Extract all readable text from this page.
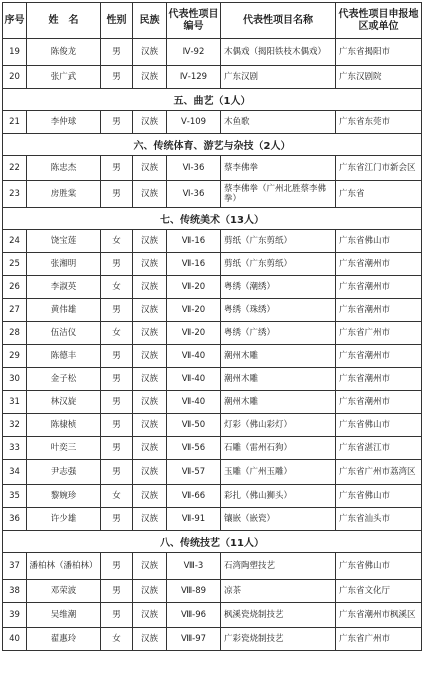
序号	姓　名	性别	民族	代表性项目编号	代表性项目名称	代表性项目申报地区或单位
19	陈俊龙	男	汉族	Ⅳ-92	木偶戏（揭阳铁枝木偶戏）	广东省揭阳市
20	张广武	男	汉族	Ⅳ-129	广东汉剧	广东汉剧院
五、曲艺（1人）						
21	李仲球	男	汉族	Ⅴ-109	木鱼歌	广东省东莞市
六、传统体育、游艺与杂技（2人）						
22	陈忠杰	男	汉族	Ⅵ-36	蔡李佛拳	广东省江门市新会区
23	房胜棠	男	汉族	Ⅵ-36	蔡李佛拳（广州北胜蔡李佛拳）	广东省
七、传统美术（13人）						
24	饶宝莲	女	汉族	Ⅶ-16	剪纸（广东剪纸）	广东省佛山市
25	张湘明	男	汉族	Ⅶ-16	剪纸（广东剪纸）	广东省潮州市
26	李淑英	女	汉族	Ⅶ-20	粤绣（潮绣）	广东省潮州市
27	黄伟雄	男	汉族	Ⅶ-20	粤绣（珠绣）	广东省潮州市
28	伍洁仪	女	汉族	Ⅶ-20	粤绣（广绣）	广东省广州市
29	陈德丰	男	汉族	Ⅶ-40	潮州木雕	广东省潮州市
30	金子松	男	汉族	Ⅶ-40	潮州木雕	广东省潮州市
31	林汉旋	男	汉族	Ⅶ-40	潮州木雕	广东省潮州市
32	陈棣桢	男	汉族	Ⅶ-50	灯彩（佛山彩灯）	广东省佛山市
33	叶奕三	男	汉族	Ⅶ-56	石雕（雷州石狗）	广东省湛江市
34	尹志强	男	汉族	Ⅶ-57	玉雕（广州玉雕）	广东省广州市荔湾区
35	黎婉珍	女	汉族	Ⅶ-66	彩扎（佛山狮头）	广东省佛山市
36	许少雄	男	汉族	Ⅶ-91	镶嵌（嵌瓷）	广东省汕头市
八、传统技艺（11人）						
37	潘柏林（潘柏林）	男	汉族	Ⅷ-3	石湾陶塑技艺	广东省佛山市
38	邓荣波	男	汉族	Ⅷ-89	凉茶	广东省文化厅
39	吴维潮	男	汉族	Ⅷ-96	枫溪瓷烧制技艺	广东省潮州市枫溪区
40	翟惠玲	女	汉族	Ⅷ-97	广彩瓷烧制技艺	广东省广州市
